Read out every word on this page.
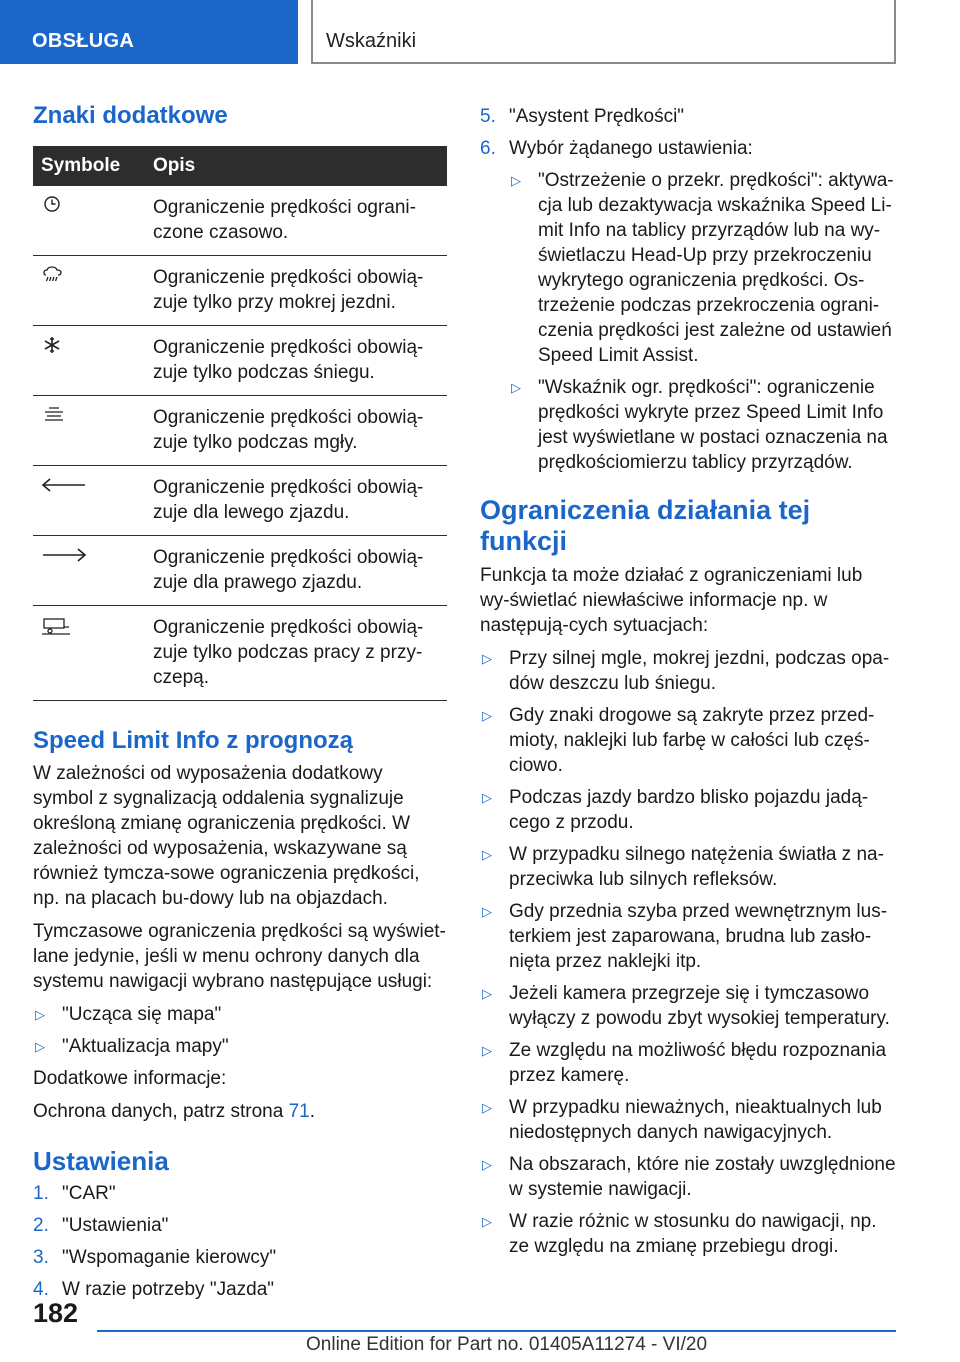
OBSŁUGA	Wskaźniki
Znaki dodatkowe
Symbole	Opis
	Ograniczenie prędkości ograni-czone czasowo.
	Ograniczenie prędkości obowią-zuje tylko przy mokrej jezdni.
	Ograniczenie prędkości obowią-zuje tylko podczas śniegu.
	Ograniczenie prędkości obowią-zuje tylko podczas mgły.
	Ograniczenie prędkości obowią-zuje dla lewego zjazdu.
	Ograniczenie prędkości obowią-zuje dla prawego zjazdu.
	Ograniczenie prędkości obowią-zuje tylko podczas pracy z przy-czepą.
Speed Limit Info z prognozą

W zależności od wyposażenia dodatkowy symbol z sygnalizacją oddalenia sygnalizuje określoną zmianę ograniczenia prędkości. W zależności od wyposażenia, wskazywane są również tymcza-sowe ograniczenia prędkości, np. na placach bu-dowy lub na objazdach.

Tymczasowe ograniczenia prędkości są wyświet-lane jedynie, jeśli w menu ochrony danych dla systemu nawigacji wybrano następujące usługi:

▷ "Ucząca się mapa"
▷ "Aktualizacja mapy"

Dodatkowe informacje:

Ochrona danych, patrz strona 71.

Ustawienia
1. "CAR"
2. "Ustawienia"
3. "Wspomaganie kierowcy"
4. W razie potrzeby "Jazda"
5. "Asystent Prędkości"
6. Wybór żądanego ustawienia:
▷ "Ostrzeżenie o przekr. prędkości": aktywa-cja lub dezaktywacja wskaźnika Speed Li-mit Info na tablicy przyrządów lub na wy-świetlaczu Head-Up przy przekroczeniu wykrytego ograniczenia prędkości. Os-trzeżenie podczas przekroczenia ograni-czenia prędkości jest zależne od ustawień Speed Limit Assist.
▷ "Wskaźnik ogr. prędkości": ograniczenie prędkości wykryte przez Speed Limit Info jest wyświetlane w postaci oznaczenia na prędkościomierzu tablicy przyrządów.
Ograniczenia działania tej funkcji

Funkcja ta może działać z ograniczeniami lub wy-świetlać niewłaściwe informacje np. w następują-cych sytuacjach:

▷ Przy silnej mgle, mokrej jezdni, podczas opa-dów deszczu lub śniegu.
▷ Gdy znaki drogowe są zakryte przez przed-mioty, naklejki lub farbę w całości lub częś-ciowo.
▷ Podczas jazdy bardzo blisko pojazdu jadą-cego z przodu.
▷ W przypadku silnego natężenia światła z na-przeciwka lub silnych refleksów.
▷ Gdy przednia szyba przed wewnętrznym lus-terkiem jest zaparowana, brudna lub zasło-nięta przez naklejki itp.
▷ Jeżeli kamera przegrzeje się i tymczasowo wyłączy z powodu zbyt wysokiej temperatury.
▷ Ze względu na możliwość błędu rozpoznania przez kamerę.
▷ W przypadku nieważnych, nieaktualnych lub niedostępnych danych nawigacyjnych.
▷ Na obszarach, które nie zostały uwzględnione w systemie nawigacji.
▷ W razie różnic w stosunku do nawigacji, np. ze względu na zmianę przebiegu drogi.
182
Online Edition for Part no. 01405A11274 - VI/20
